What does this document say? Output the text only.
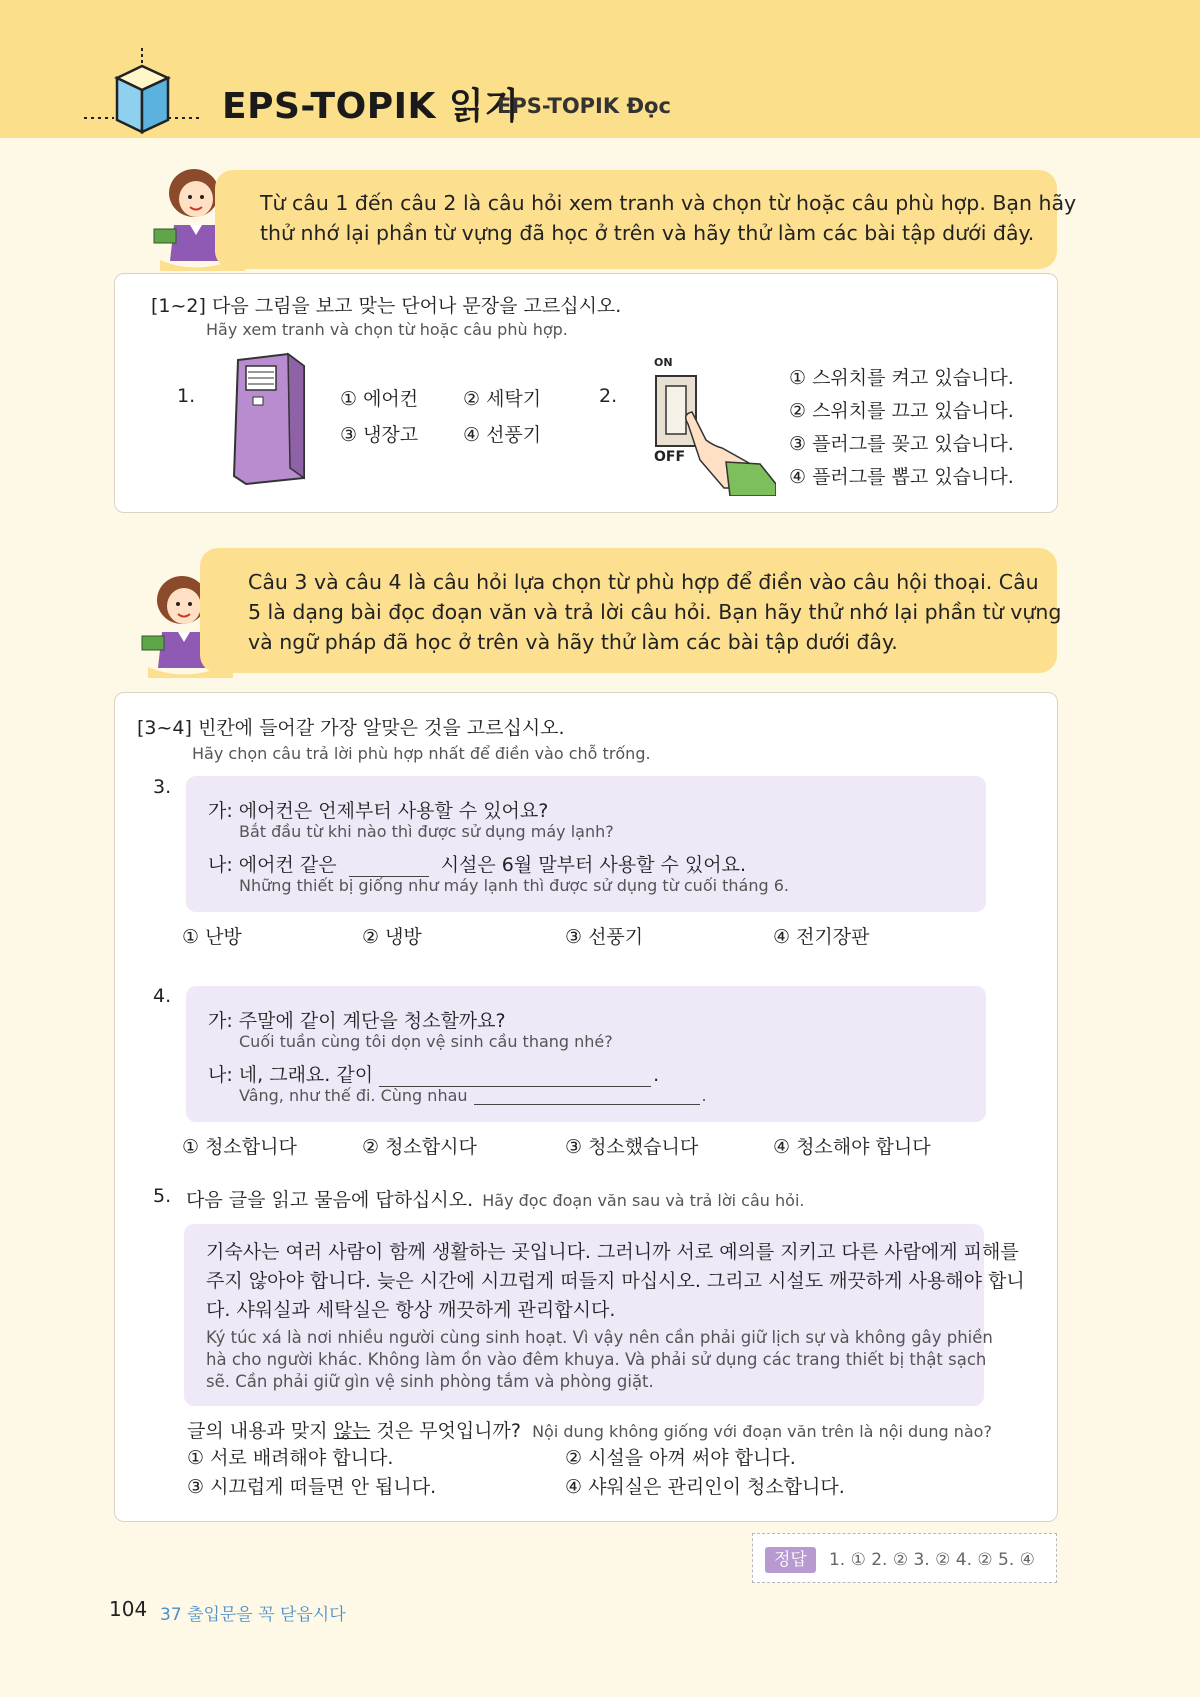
EPS-TOPIK 읽기
EPS-TOPIK Đọc
Từ câu 1 đến câu 2 là câu hỏi xem tranh và chọn từ hoặc câu phù hợp. Bạn hãy
thử nhớ lại phần từ vựng đã học ở trên và hãy thử làm các bài tập dưới đây.
[1~2] 다음 그림을 보고 맞는 단어나 문장을 고르십시오.
Hãy xem tranh và chọn từ hoặc câu phù hợp.
1.	① 에어컨 ② 세탁기
③ 냉장고 ④ 선풍기
2.
ON
OFF
① 스위치를 켜고 있습니다.
② 스위치를 끄고 있습니다.
③ 플러그를 꽂고 있습니다.
④ 플러그를 뽑고 있습니다.
Câu 3 và câu 4 là câu hỏi lựa chọn từ phù hợp để điền vào câu hội thoại. Câu
5 là dạng bài đọc đoạn văn và trả lời câu hỏi. Bạn hãy thử nhớ lại phần từ vựng
và ngữ pháp đã học ở trên và hãy thử làm các bài tập dưới đây.
[3~4] 빈칸에 들어갈 가장 알맞은 것을 고르십시오.
Hãy chọn câu trả lời phù hợp nhất để điền vào chỗ trống.
3.
가: 에어컨은 언제부터 사용할 수 있어요?
Bắt đầu từ khi nào thì được sử dụng máy lạnh?
나: 에어컨 같은	시설은 6월 말부터 사용할 수 있어요.
Những thiết bị giống như máy lạnh thì được sử dụng từ cuối tháng 6.
① 난방	② 냉방	③ 선풍기	④ 전기장판
4.
가: 주말에 같이 계단을 청소할까요?
Cuối tuần cùng tôi dọn vệ sinh cầu thang nhé?
나: 네, 그래요. 같이	.
Vâng, như thế đi. Cùng nhau	.
① 청소합니다	② 청소합시다	③ 청소했습니다	④ 청소해야 합니다
5. 다음 글을 읽고 물음에 답하십시오. Hãy đọc đoạn văn sau và trả lời câu hỏi.
기숙사는 여러 사람이 함께 생활하는 곳입니다. 그러니까 서로 예의를 지키고 다른 사람에게 피해를
주지 않아야 합니다. 늦은 시간에 시끄럽게 떠들지 마십시오. 그리고 시설도 깨끗하게 사용해야 합니
다. 샤워실과 세탁실은 항상 깨끗하게 관리합시다.
Ký túc xá là nơi nhiều người cùng sinh hoạt. Vì vậy nên cần phải giữ lịch sự và không gây phiền
hà cho người khác. Không làm ồn vào đêm khuya. Và phải sử dụng các trang thiết bị thật sạch
sẽ. Cần phải giữ gìn vệ sinh phòng tắm và phòng giặt.
글의 내용과 맞지 않는 것은 무엇입니까? Nội dung không giống với đoạn văn trên là nội dung nào?
① 서로 배려해야 합니다.	② 시설을 아껴 써야 합니다.
③ 시끄럽게 떠들면 안 됩니다.	④ 샤워실은 관리인이 청소합니다.
정답 1. ① 2. ② 3. ② 4. ② 5. ④
104 37 출입문을 꼭 닫읍시다
